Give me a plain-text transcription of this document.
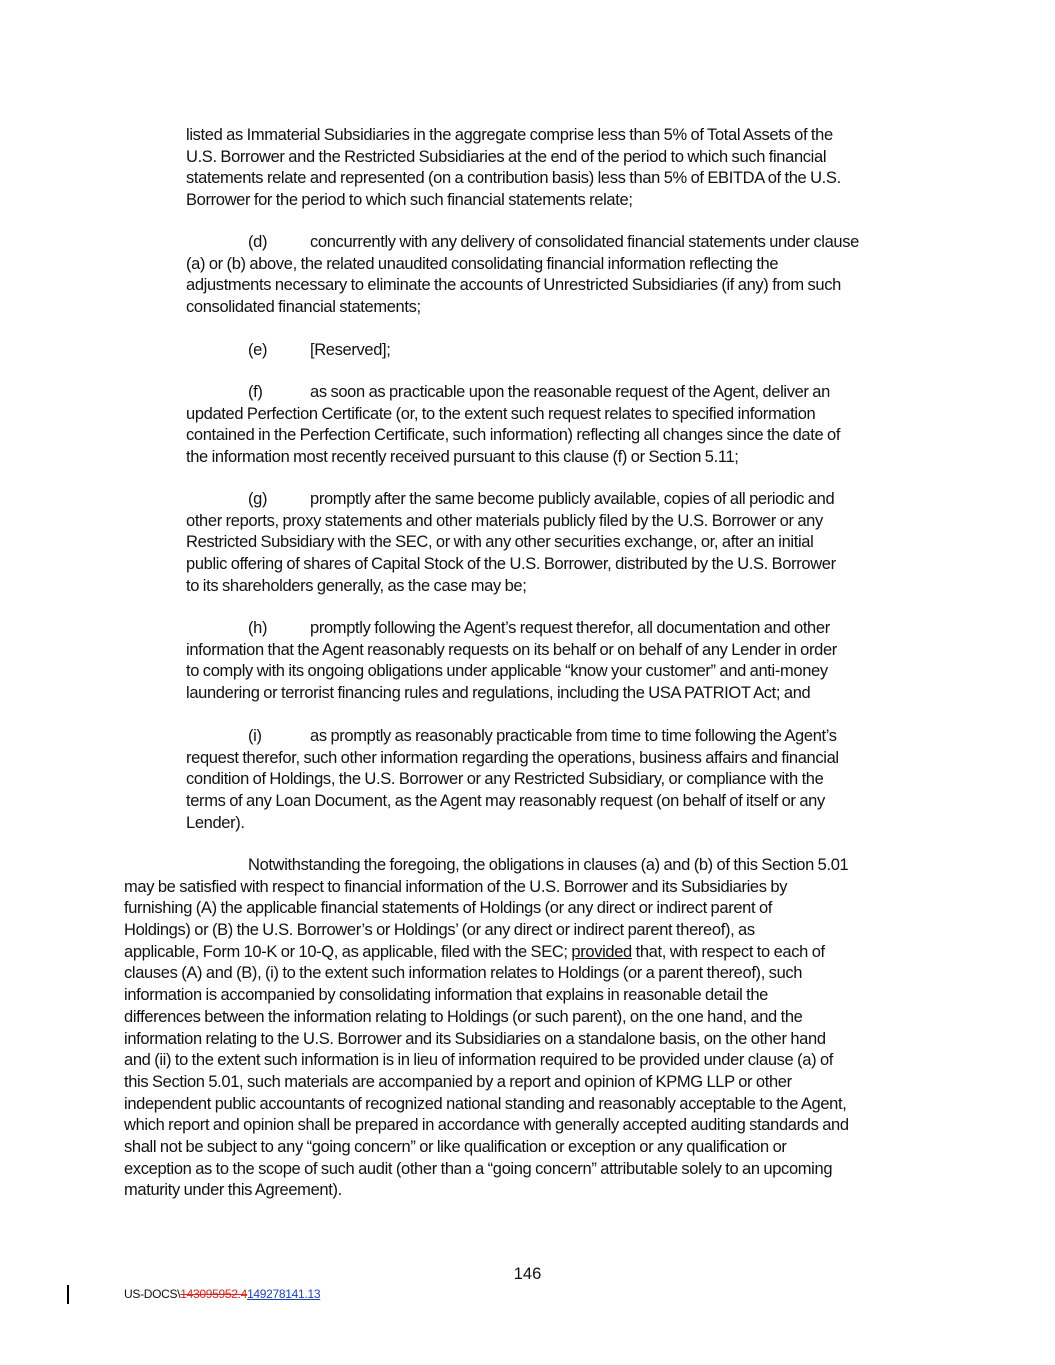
listed as Immaterial Subsidiaries in the aggregate comprise less than 5% of Total Assets of the
U.S. Borrower and the Restricted Subsidiaries at the end of the period to which such financial
statements relate and represented (on a contribution basis) less than 5% of EBITDA of the U.S.
Borrower for the period to which such financial statements relate;
(d)	concurrently with any delivery of consolidated financial statements under clause
(a) or (b) above, the related unaudited consolidating financial information reflecting the
adjustments necessary to eliminate the accounts of Unrestricted Subsidiaries (if any) from such
consolidated financial statements;
(e)	[Reserved];
(f)	as soon as practicable upon the reasonable request of the Agent, deliver an
updated Perfection Certificate (or, to the extent such request relates to specified information
contained in the Perfection Certificate, such information) reflecting all changes since the date of
the information most recently received pursuant to this clause (f) or Section 5.11;
(g)	promptly after the same become publicly available, copies of all periodic and
other reports, proxy statements and other materials publicly filed by the U.S. Borrower or any
Restricted Subsidiary with the SEC, or with any other securities exchange, or, after an initial
public offering of shares of Capital Stock of the U.S. Borrower, distributed by the U.S. Borrower
to its shareholders generally, as the case may be;
(h)	promptly following the Agent’s request therefor, all documentation and other
information that the Agent reasonably requests on its behalf or on behalf of any Lender in order
to comply with its ongoing obligations under applicable “know your customer” and anti-money
laundering or terrorist financing rules and regulations, including the USA PATRIOT Act; and
(i)	as promptly as reasonably practicable from time to time following the Agent’s
request therefor, such other information regarding the operations, business affairs and financial
condition of Holdings, the U.S. Borrower or any Restricted Subsidiary, or compliance with the
terms of any Loan Document, as the Agent may reasonably request (on behalf of itself or any
Lender).
Notwithstanding the foregoing, the obligations in clauses (a) and (b) of this Section 5.01
may be satisfied with respect to financial information of the U.S. Borrower and its Subsidiaries by
furnishing (A) the applicable financial statements of Holdings (or any direct or indirect parent of
Holdings) or (B) the U.S. Borrower’s or Holdings’ (or any direct or indirect parent thereof), as
applicable, Form 10-K or 10-Q, as applicable, filed with the SEC; provided that, with respect to each of
clauses (A) and (B), (i) to the extent such information relates to Holdings (or a parent thereof), such
information is accompanied by consolidating information that explains in reasonable detail the
differences between the information relating to Holdings (or such parent), on the one hand, and the
information relating to the U.S. Borrower and its Subsidiaries on a standalone basis, on the other hand
and (ii) to the extent such information is in lieu of information required to be provided under clause (a) of
this Section 5.01, such materials are accompanied by a report and opinion of KPMG LLP or other
independent public accountants of recognized national standing and reasonably acceptable to the Agent,
which report and opinion shall be prepared in accordance with generally accepted auditing standards and
shall not be subject to any “going concern” or like qualification or exception or any qualification or
exception as to the scope of such audit (other than a “going concern” attributable solely to an upcoming
maturity under this Agreement).
146
US-DOCS\143095952.4149278141.13
